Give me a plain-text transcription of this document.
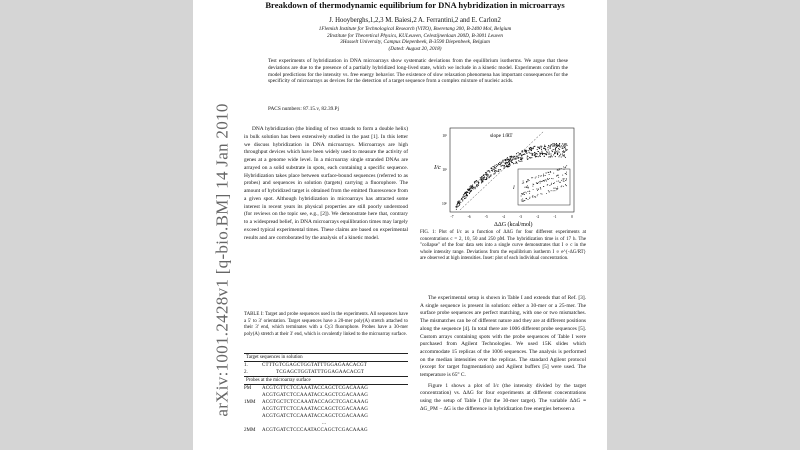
arXiv:1001.2428v1 [q-bio.BM] 14 Jan 2010
Breakdown of thermodynamic equilibrium for DNA hybridization in microarrays
J. Hooyberghs,1,2,3 M. Baiesi,2 A. Ferrantini,2 and E. Carlon2
1Flemish Institute for Technological Research (VITO), Boeretang 200, B-2400 Mol, Belgium
2Institute for Theoretical Physics, KULeuven, Celestijnenlaan 200D, B-3001 Leuven
3Hasselt University, Campus Diepenbeek, B-3590 Diepenbeek, Belgium
(Dated: August 20, 2018)
Test experiments of hybridization in DNA microarrays show systematic deviations from the equilibrium isotherms. We argue that these deviations are due to the presence of a partially hybridized long-lived state, which we include in a kinetic model. Experiments confirm the model predictions for the intensity vs. free energy behavior. The existence of slow relaxation phenomena has important consequences for the specificity of microarrays as devices for the detection of a target sequence from a complex mixture of nucleic acids.
PACS numbers: 87.15.v, 82.39.Pj

DNA hybridization (the binding of two strands to form a double helix) in bulk solution has been extensively studied in the past [1]. In this letter we discuss hybridization in DNA microarrays. Microarrays are high throughput devices which have been widely used to measure the activity of genes at a genome wide level. In a microarray single stranded DNAs are arrayed on a solid substrate in spots, each containing a specific sequence. Hybridization takes place between surface-bound sequences (referred to as probes) and sequences in solution (targets) carrying a fluorophore. The amount of hybridized target is obtained from the emitted fluorescence from a given spot. Although hybridization in microarrays has attracted some interest in recent years its physical properties are still poorly understood (for reviews on the topic see, e.g., [2]). We demonstrate here that, contrary to a widespread belief, in DNA microarrays equilibration times may largely exceed typical experimental times. These claims are based on experimental results and are corroborated by the analysis of a kinetic model.

TABLE I: Target and probe sequences used in the experiments. All sequences have a 5' to 3' orientation. Target sequences have a 20-mer poly(A) stretch attached to their 3' end, which terminates with a Cy3 fluorophore. Probes have a 30-mer poly(A) stretch at their 3' end, which is covalently linked to the microarray surface.
Target sequences in solution
1.	CTTTGTCGAGCTGGTATTTGGAGAACACGT
2.	TCGAGCTGGTATTTGGAGAACACGT
Probes at the microarray surface
PM	ACGTGTTCTCCAAATACCAGCTCGACAAAG
ACGTGATCTCCAAATACCAGCTCGACAAAG
1MM	ACGTGCTCTCCAAATACCAGCTCGACAAAG
ACGTGTTCTCCAAATACCAGCTCGACAAAG
ACGTGATCTCCAAATACCAGCTCGACAAAG
...
2MM	ACGTGATCTCCCAATACCAGCTCGACAAAG
I
slope 1/RT
PM
I/c
10²
10¹
10⁰
-7	-6	-5	-4	-3	-2	-1	0
ΔΔG (kcal/mol)
FIG. 1: Plot of I/c as a function of ΔΔG for four different experiments at concentrations c = 2, 10, 50 and 250 pM. The hybridization time is of 17 h. The "collapse" of the four data sets into a single curve demonstrates that I ∝ c in the whole intensity range. Deviations from the equilibrium isotherm I ∝ e^{-ΔG/RT} are observed at high intensities. Inset: plot of each individual concentration.

The experimental setup is shown in Table I and extends that of Ref. [3]. A single sequence is present in solution: either a 30-mer or a 25-mer. The surface probe sequences are perfect matching, with one or two mismatches. The mismatches can be of different nature and they are at different positions along the sequence [4]. In total there are 1006 different probe sequences [5]. Custom arrays containing spots with the probe sequences of Table I were purchased from Agilent Technologies. We used 15K slides which accommodate 15 replicas of the 1006 sequences. The analysis is performed on the median intensities over the replicas. The standard Agilent protocol (except for target fragmentation) and Agilent buffers [5] were used. The temperature is 65° C.

Figure 1 shows a plot of I/c (the intensity divided by the target concentration) vs. ΔΔG for four experiments at different concentrations using the setup of Table I (for the 30-mer target). The variable ΔΔG ≡ ΔG_PM − ΔG is the difference in hybridization free energies between a
